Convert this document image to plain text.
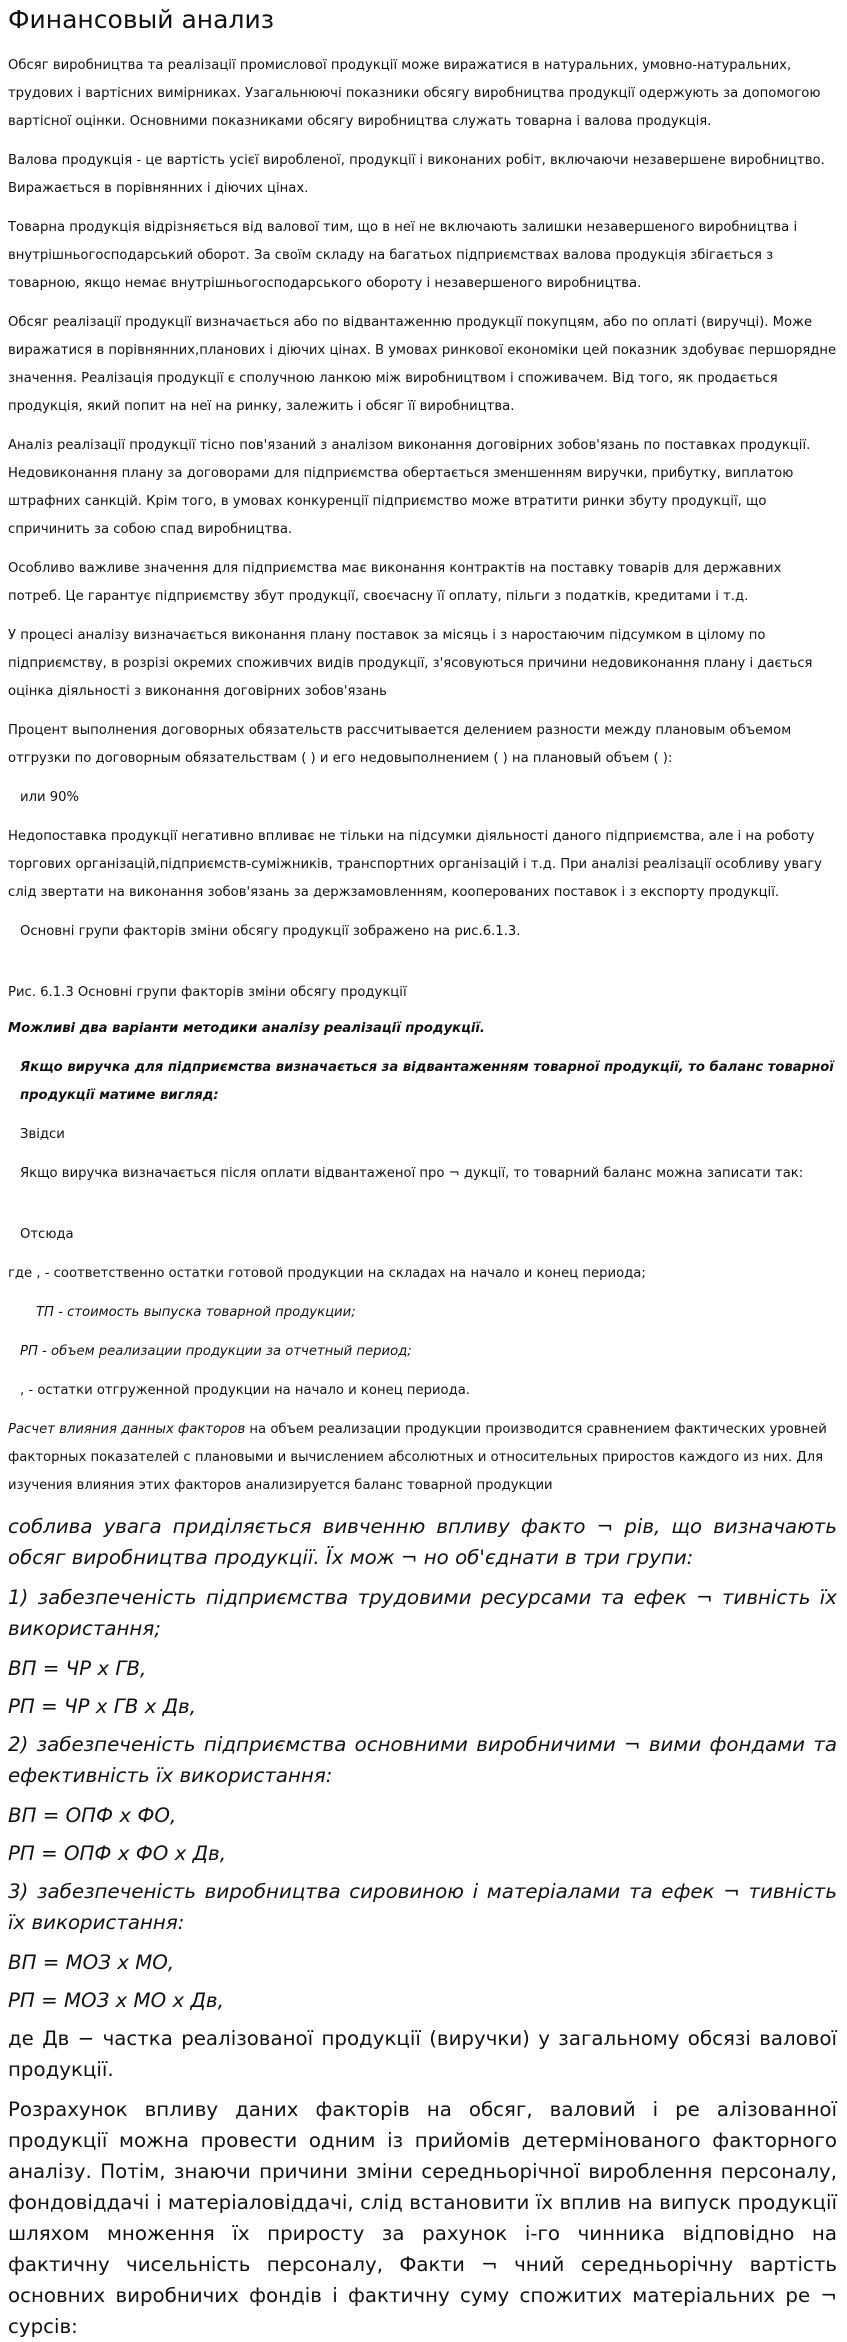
Финансовый анализ

Обсяг виробництва та реалізації промислової продукції може виражатися в натуральних, умовно-натуральних, трудових і вартісних вимірниках. Узагальнюючі показники обсягу виробництва продукції одержують за допомогою вартісної оцінки. Основними показниками обсягу виробництва служать товарна і валова продукція.

Валова продукція - це вартість усієї виробленої, продукції і виконаних робіт, включаючи незавершене виробництво. Виражається в порівнянних і діючих цінах.

Товарна продукція відрізняється від валової тим, що в неї не включають залишки незавершеного виробництва і внутрішньогосподарський оборот. За своїм складу на багатьох підприємствах валова продукція збігається з товарною, якщо немає внутрішньогосподарського обороту і незавершеного виробництва.

Обсяг реалізації продукції визначається або по відвантаженню продукції покупцям, або по оплаті (виручці). Може виражатися в порівнянних,планових і діючих цінах. В умовах ринкової економіки цей показник здобуває першорядне значення. Реалізація продукції є сполучною ланкою між виробництвом і споживачем. Від того, як продається продукція, який попит на неї на ринку, залежить і обсяг її виробництва.

Аналіз реалізації продукції тісно пов'язаний з аналізом виконання договірних зобов'язань по поставках продукції. Недовиконання плану за договорами для підприємства обертається зменшенням виручки, прибутку, виплатою штрафних санкцій. Крім того, в умовах конкуренції підприємство може втратити ринки збуту продукції, що спричинить за собою спад виробництва.

Особливо важливе значення для підприємства має виконання контрактів на поставку товарів для державних потреб. Це гарантує підприємству збут продукції, своєчасну її оплату, пільги з податків, кредитами і т.д.

У процесі аналізу визначається виконання плану поставок за місяць і з наростаючим підсумком в цілому по підприємству, в розрізі окремих споживчих видів продукції, з'ясовуються причини недовиконання плану і дається оцінка діяльності з виконання договірних зобов'язань

Процент выполнения договорных обязательств рассчитывается делением разности между плановым объемом отгрузки по договорным обязательствам ( ) и его недовыполнением ( ) на плановый объем ( ):

или 90%

Недопоставка продукції негативно впливає не тільки на підсумки діяльності даного підприємства, але і на роботу торгових організацій,підприємств-суміжників, транспортних організацій і т.д. При аналізі реалізації особливу увагу слід звертати на виконання зобов'язань за держзамовленням, кооперованих поставок і з експорту продукції.

Основні групи факторів зміни обсягу продукції зображено на рис.6.1.3.

Рис. 6.1.3 Основні групи факторів зміни обсягу продукції

Можливі два варіанти методики аналізу реалізації продукції.

Якщо виручка для підприємства визначається за відвантаженням товарної продукції, то баланс товарної продукції матиме вигляд:

Звідси

Якщо виручка визначається після оплати відвантаженої про ¬ дукції, то товарний баланс можна записати так:

Отсюда

где , - соответственно остатки готовой продукции на складах на начало и конец периода;

ТП - стоимость выпуска товарной продукции;

РП - объем реализации продукции за отчетный период;

, - остатки отгруженной продукции на начало и конец периода.

Расчет влияния данных факторов на объем реализации продукции производится сравнением фактических уровней факторных показателей с плановыми и вычислением абсолютных и относительных приростов каждого из них. Для изучения влияния этих факторов анализируется баланс товарной продукции

соблива увага приділяється вивченню впливу факто ¬ рів, що визначають обсяг виробництва продукції. Їх мож ¬ но об'єднати в три групи:

1) забезпеченість підприємства трудовими ресурсами та ефек ¬ тивність їх використання;

ВП = ЧР х ГВ,

РП = ЧР х ГВ х Дв,

2) забезпеченість підприємства основними виробничими ¬ вими фондами та ефективність їх використання:

ВП = ОПФ х ФО,

РП = ОПФ х ФО х Дв,

3) забезпеченість виробництва сировиною і матеріалами та ефек ¬ тивність їх використання:

ВП = МОЗ х МО,

РП = МОЗ х МО х Дв,

де Дв − частка реалізованої продукції (виручки) у загальному обсязі валової продукції.

Розрахунок впливу даних факторів на обсяг, валовий і ре алізованної продукції можна провести одним із прийомів детермінованого факторного аналізу. Потім, знаючи причини зміни середньорічної вироблення персоналу, фондовіддачі і матеріаловіддачі, слід встановити їх вплив на випуск продукції шляхом множення їх приросту за рахунок і-го чинника відповідно на фактичну чисельність персоналу, Факти ¬ чний середньорічну вартість основних виробничих фондів і фактичну суму спожитих матеріальних ре ¬ сурсів:
